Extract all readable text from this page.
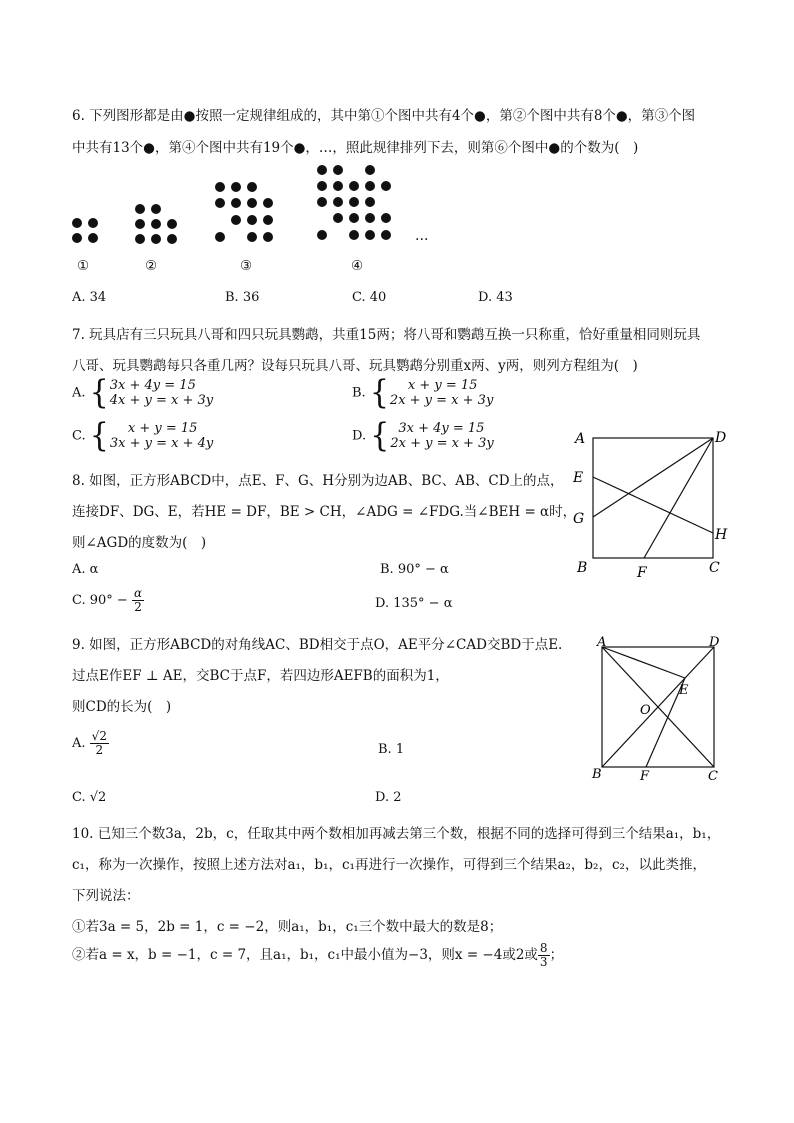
6. 下列图形都是由●按照一定规律组成的，其中第①个图中共有4个●，第②个图中共有8个●，第③个图
中共有13个●，第④个图中共有19个●，…，照此规律排列下去，则第⑥个图中●的个数为(　)
…
①	②	③	④
A. 34	B. 36	C. 40	D. 43
7. 玩具店有三只玩具八哥和四只玩具鹦鹉，共重15两；将八哥和鹦鹉互换一只称重，恰好重量相同则玩具
八哥、玩具鹦鹉每只各重几两？设每只玩具八哥、玩具鹦鹉分别重x两、y两，则列方程组为(　)
A. { 3x + 4y = 15
4x + y = x + 3y	B. {	x + y = 15
2x + y = x + 3y
C. {	x + y = 15
3x + y = x + 4y	D. { 3x + 4y = 15
2x + y = x + 3y
8. 如图，正方形ABCD中，点E、F、G、H分别为边AB、BC、AB、CD上的点，
连接DF、DG、E，若HE = DF，BE > CH，∠ADG = ∠FDG.当∠BEH = α时，
则∠AGD的度数为(　)
A	D
E
G
H
B	F	C
A. α	B. 90° − α
C. $90^\circ - \frac{\alpha}{2}$	D. 135° − α
9. 如图，正方形ABCD的对角线AC、BD相交于点O，AE平分∠CAD交BD于点E.
过点E作EF ⊥ AE，交BC于点F，若四边形AEFB的面积为1，
则CD的长为(　)
A	D
E
O
B	F	C
A. $\frac{√2}{2}$	B. 1
C. √2	D. 2
10. 已知三个数3a，2b，c，任取其中两个数相加再减去第三个数，根据不同的选择可得到三个结果a₁，b₁，
c₁，称为一次操作，按照上述方法对a₁，b₁，c₁再进行一次操作，可得到三个结果a₂，b₂，c₂，以此类推，
下列说法：
①若3a = 5，2b = 1，c = −2，则a₁，b₁，c₁三个数中最大的数是8；
②若a = x，b = −1，c = 7，且a₁，b₁，c₁中最小值为−3，则x = −4或2或 $\frac{8}{3}$ ；
